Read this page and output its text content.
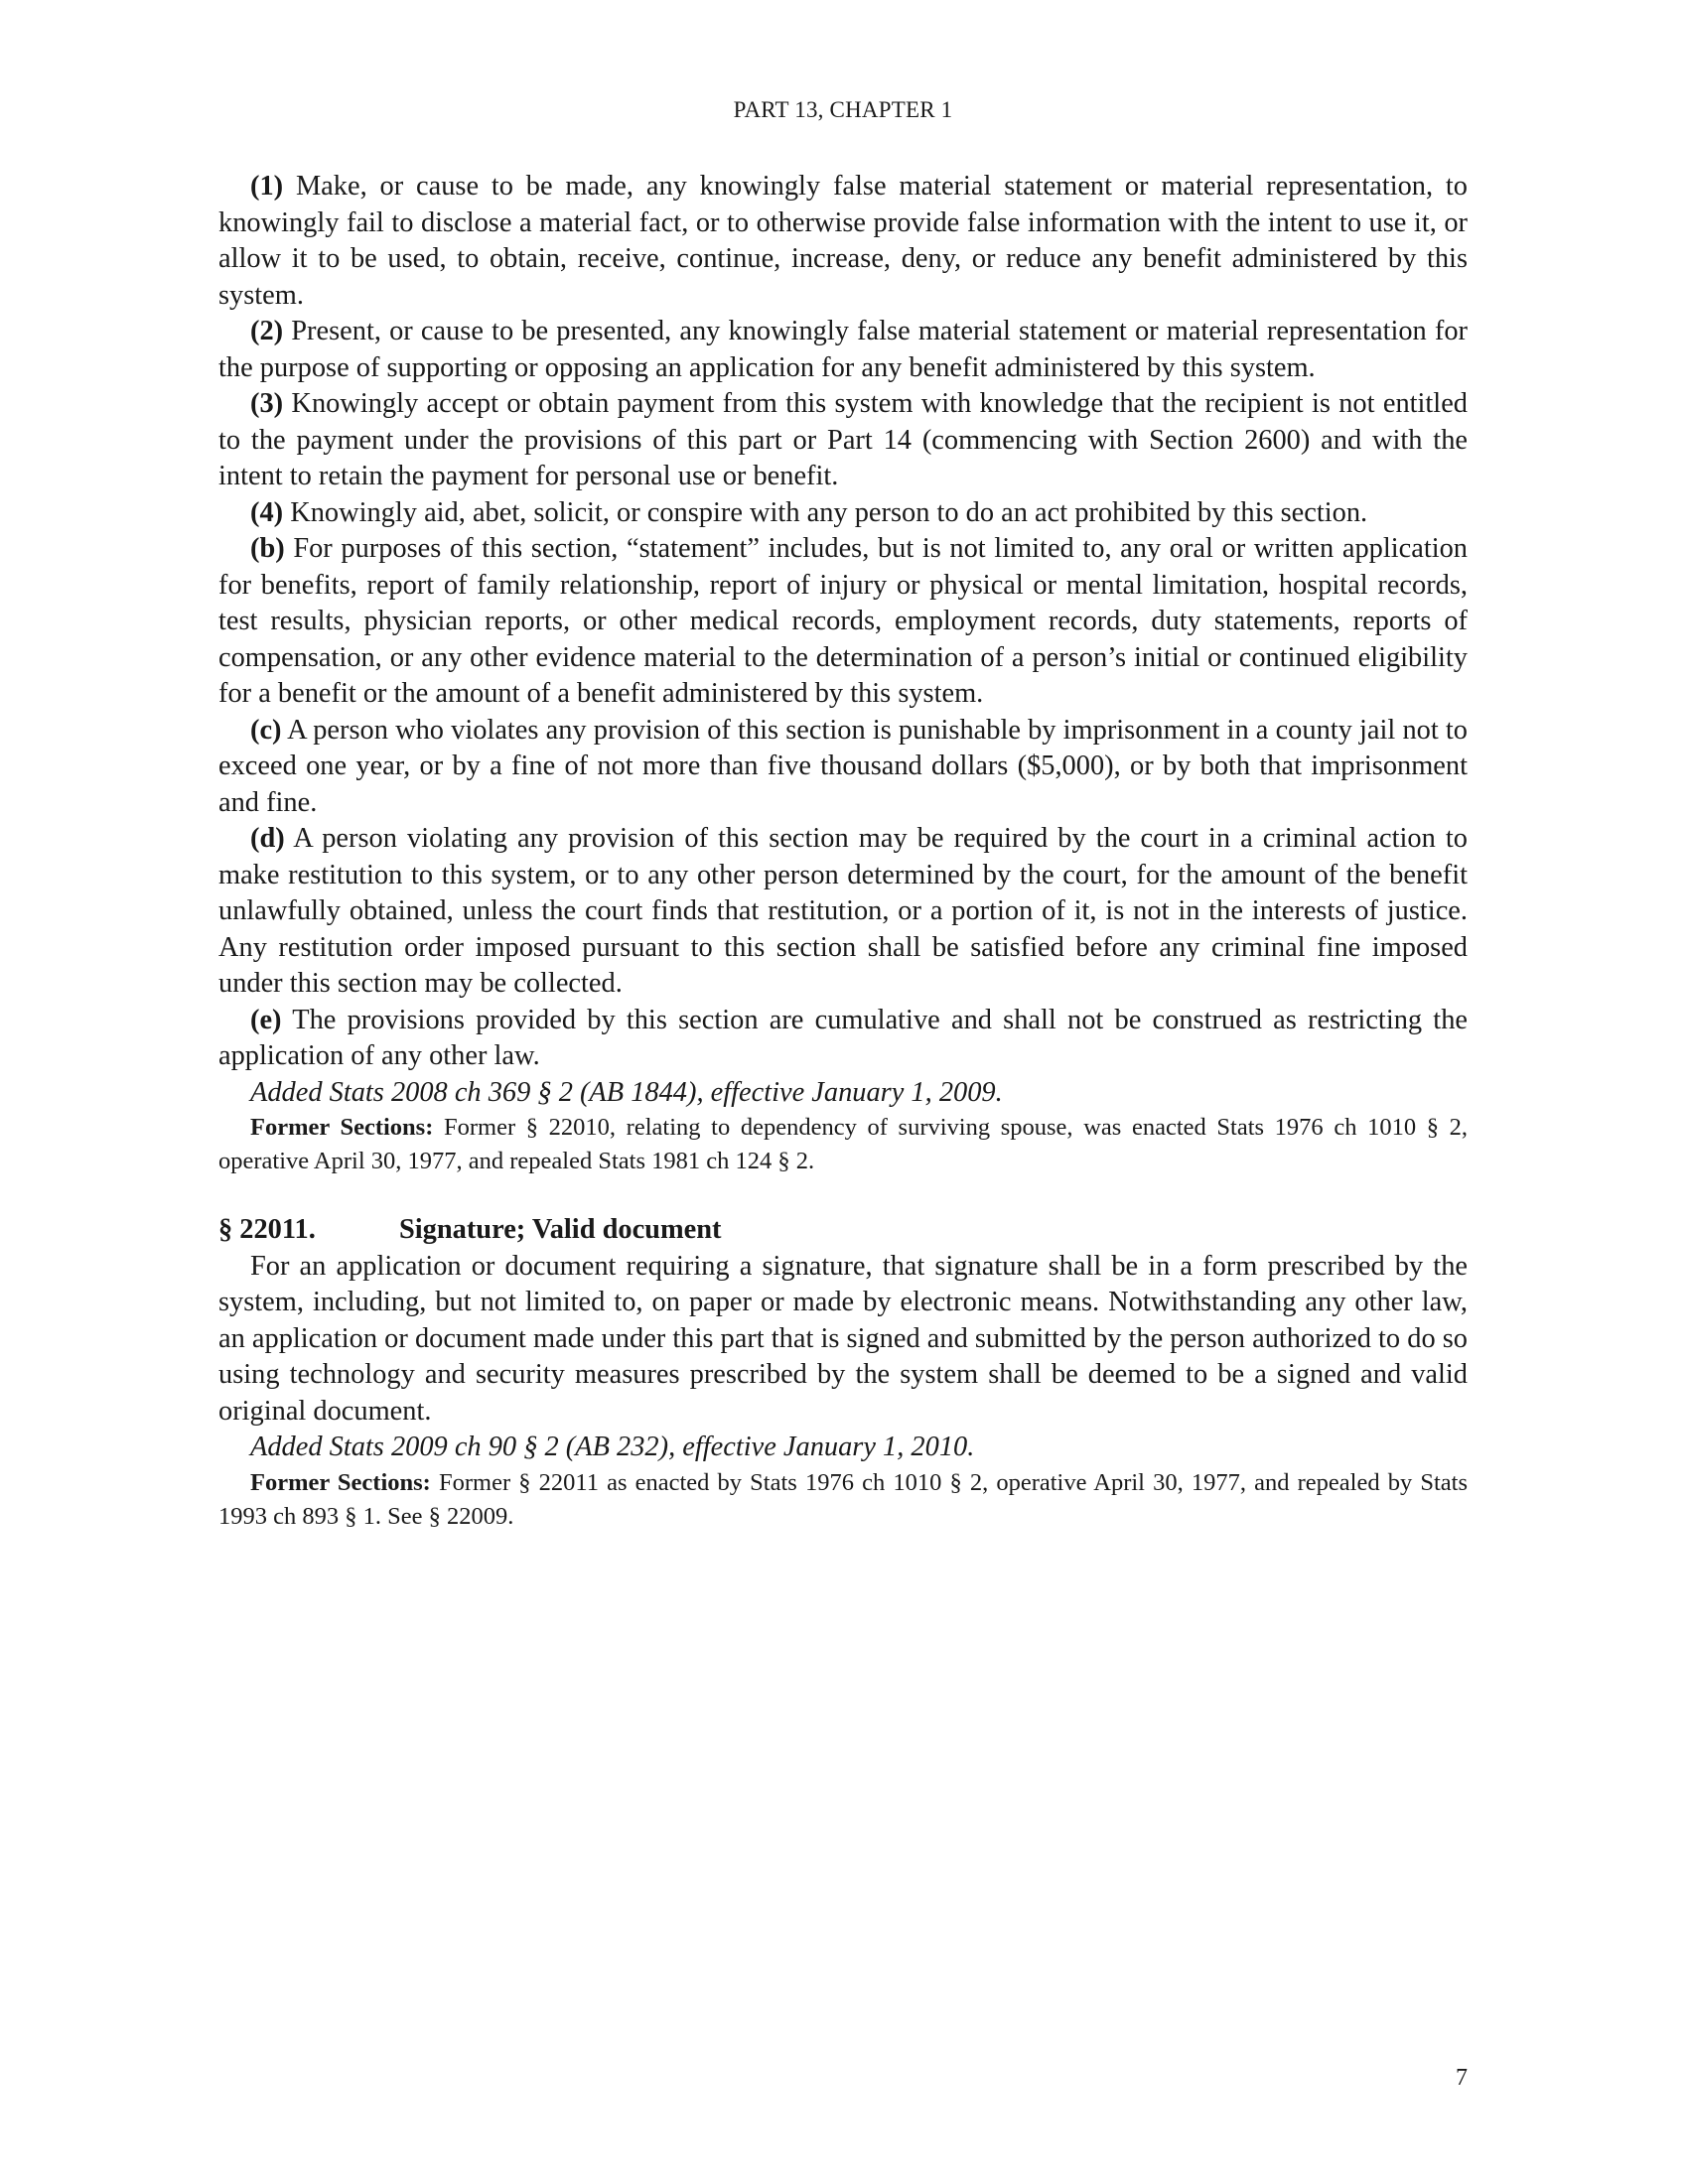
PART 13, CHAPTER 1

(1) Make, or cause to be made, any knowingly false material statement or material representation, to knowingly fail to disclose a material fact, or to otherwise provide false information with the intent to use it, or allow it to be used, to obtain, receive, continue, increase, deny, or reduce any benefit administered by this system.

(2) Present, or cause to be presented, any knowingly false material statement or material representation for the purpose of supporting or opposing an application for any benefit administered by this system.

(3) Knowingly accept or obtain payment from this system with knowledge that the recipient is not entitled to the payment under the provisions of this part or Part 14 (commencing with Section 2600) and with the intent to retain the payment for personal use or benefit.

(4) Knowingly aid, abet, solicit, or conspire with any person to do an act prohibited by this section.

(b) For purposes of this section, “statement” includes, but is not limited to, any oral or written application for benefits, report of family relationship, report of injury or physical or mental limitation, hospital records, test results, physician reports, or other medical records, employment records, duty statements, reports of compensation, or any other evidence material to the determination of a person’s initial or continued eligibility for a benefit or the amount of a benefit administered by this system.

(c) A person who violates any provision of this section is punishable by imprisonment in a county jail not to exceed one year, or by a fine of not more than five thousand dollars ($5,000), or by both that imprisonment and fine.

(d) A person violating any provision of this section may be required by the court in a criminal action to make restitution to this system, or to any other person determined by the court, for the amount of the benefit unlawfully obtained, unless the court finds that restitution, or a portion of it, is not in the interests of justice. Any restitution order imposed pursuant to this section shall be satisfied before any criminal fine imposed under this section may be collected.

(e) The provisions provided by this section are cumulative and shall not be construed as restricting the application of any other law.

Added Stats 2008 ch 369 § 2 (AB 1844), effective January 1, 2009.

Former Sections: Former § 22010, relating to dependency of surviving spouse, was enacted Stats 1976 ch 1010 § 2, operative April 30, 1977, and repealed Stats 1981 ch 124 § 2.

§ 22011.	Signature; Valid document

For an application or document requiring a signature, that signature shall be in a form prescribed by the system, including, but not limited to, on paper or made by electronic means. Notwithstanding any other law, an application or document made under this part that is signed and submitted by the person authorized to do so using technology and security measures prescribed by the system shall be deemed to be a signed and valid original document.

Added Stats 2009 ch 90 § 2 (AB 232), effective January 1, 2010.

Former Sections: Former § 22011 as enacted by Stats 1976 ch 1010 § 2, operative April 30, 1977, and repealed by Stats 1993 ch 893 § 1. See § 22009.

7
